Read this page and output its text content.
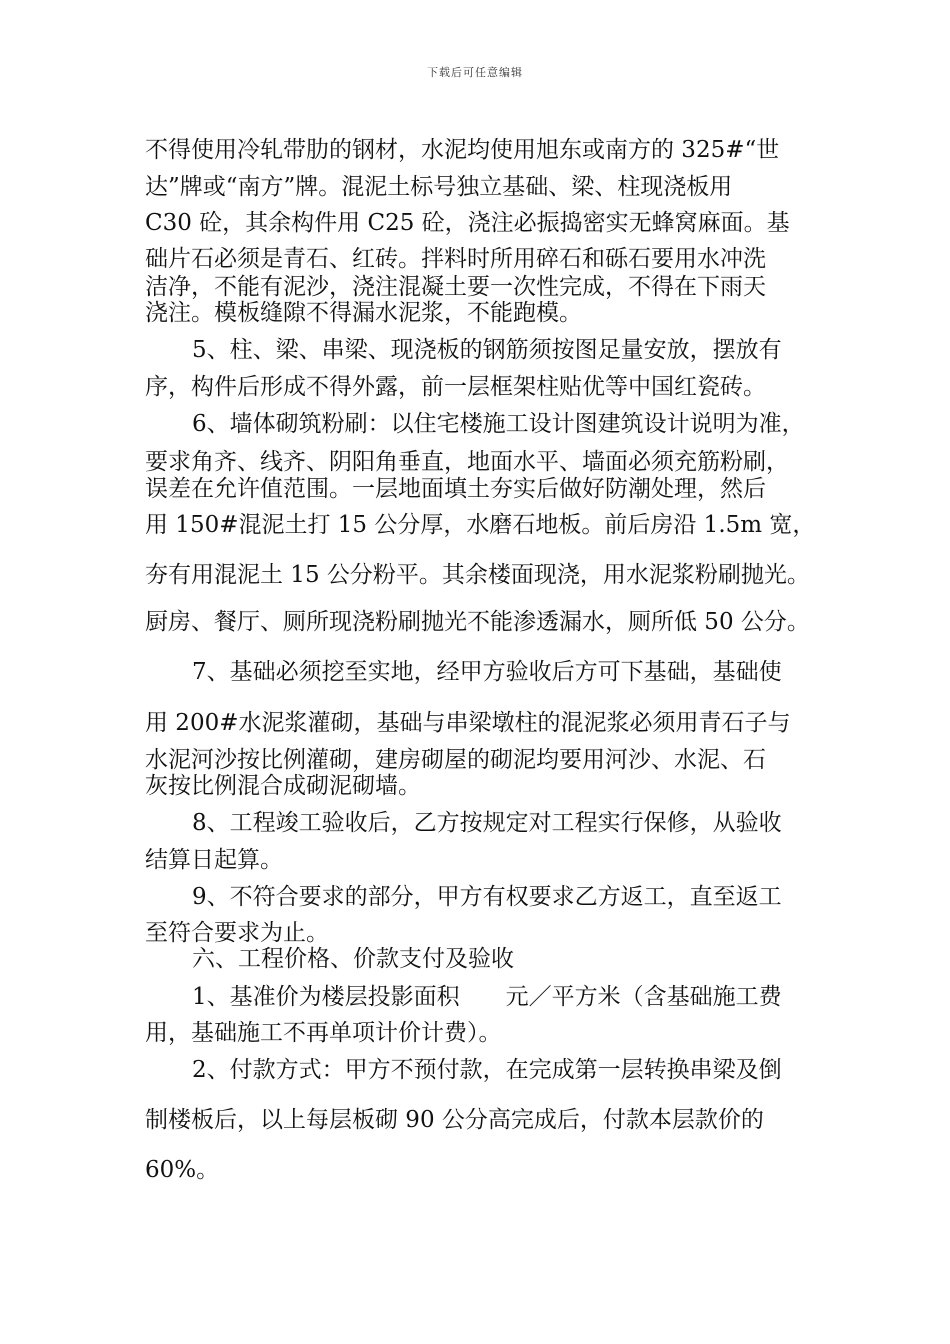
下载后可任意编辑
不得使用冷轧带肋的钢材，水泥均使用旭东或南方的 325#“世
达”牌或“南方”牌。混泥土标号独立基础、梁、柱现浇板用
C30 砼，其余构件用 C25 砼，浇注必振捣密实无蜂窝麻面。基
础片石必须是青石、红砖。拌料时所用碎石和砾石要用水冲洗
洁净，不能有泥沙，浇注混凝土要一次性完成，不得在下雨天
浇注。模板缝隙不得漏水泥浆，不能跑模。
5、柱、梁、串梁、现浇板的钢筋须按图足量安放，摆放有
序，构件后形成不得外露，前一层框架柱贴优等中国红瓷砖。
6、墙体砌筑粉刷：以住宅楼施工设计图建筑设计说明为准，
要求角齐、线齐、阴阳角垂直，地面水平、墙面必须充筋粉刷，
误差在允许值范围。一层地面填土夯实后做好防潮处理，然后
用 150#混泥土打 15 公分厚，水磨石地板。前后房沿 1.5m 宽，
夯有用混泥土 15 公分粉平。其余楼面现浇，用水泥浆粉刷抛光。
厨房、餐厅、厕所现浇粉刷抛光不能渗透漏水，厕所低 50 公分。
7、基础必须挖至实地，经甲方验收后方可下基础，基础使
用 200#水泥浆灌砌，基础与串梁墩柱的混泥浆必须用青石子与
水泥河沙按比例灌砌，建房砌屋的砌泥均要用河沙、水泥、石
灰按比例混合成砌泥砌墙。
8、工程竣工验收后，乙方按规定对工程实行保修，从验收
结算日起算。
9、不符合要求的部分，甲方有权要求乙方返工，直至返工
至符合要求为止。
六、工程价格、价款支付及验收
1、基准价为楼层投影面积　　元／平方米（含基础施工费
用，基础施工不再单项计价计费）。
2、付款方式：甲方不预付款，在完成第一层转换串梁及倒
制楼板后，以上每层板砌 90 公分高完成后，付款本层款价的
60%。
